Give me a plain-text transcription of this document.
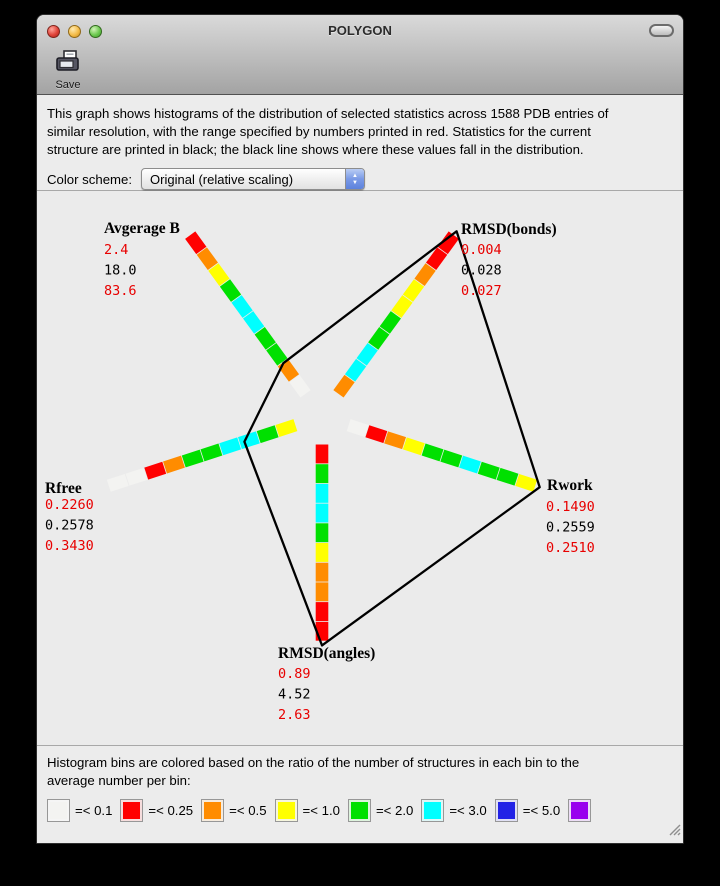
POLYGON
Save
This graph shows histograms of the distribution of selected statistics across 1588 PDB entries of
similar resolution, with the range specified by numbers printed in red. Statistics for the current
structure are printed in black; the black line shows where these values fall in the distribution.
Color scheme:	Original (relative scaling)	▲
▼
Avgerage B
2.4
18.0
83.6
RMSD(bonds)
0.004
0.028
0.027
Rwork
0.1490
0.2559
0.2510
RMSD(angles)
0.89
4.52
2.63
Rfree
0.2260
0.2578
0.3430
Histogram bins are colored based on the ratio of the number of structures in each bin to the
average number per bin:
=< 0.1	=< 0.25	=< 0.5	=< 1.0	=< 2.0	=< 3.0	=< 5.0
